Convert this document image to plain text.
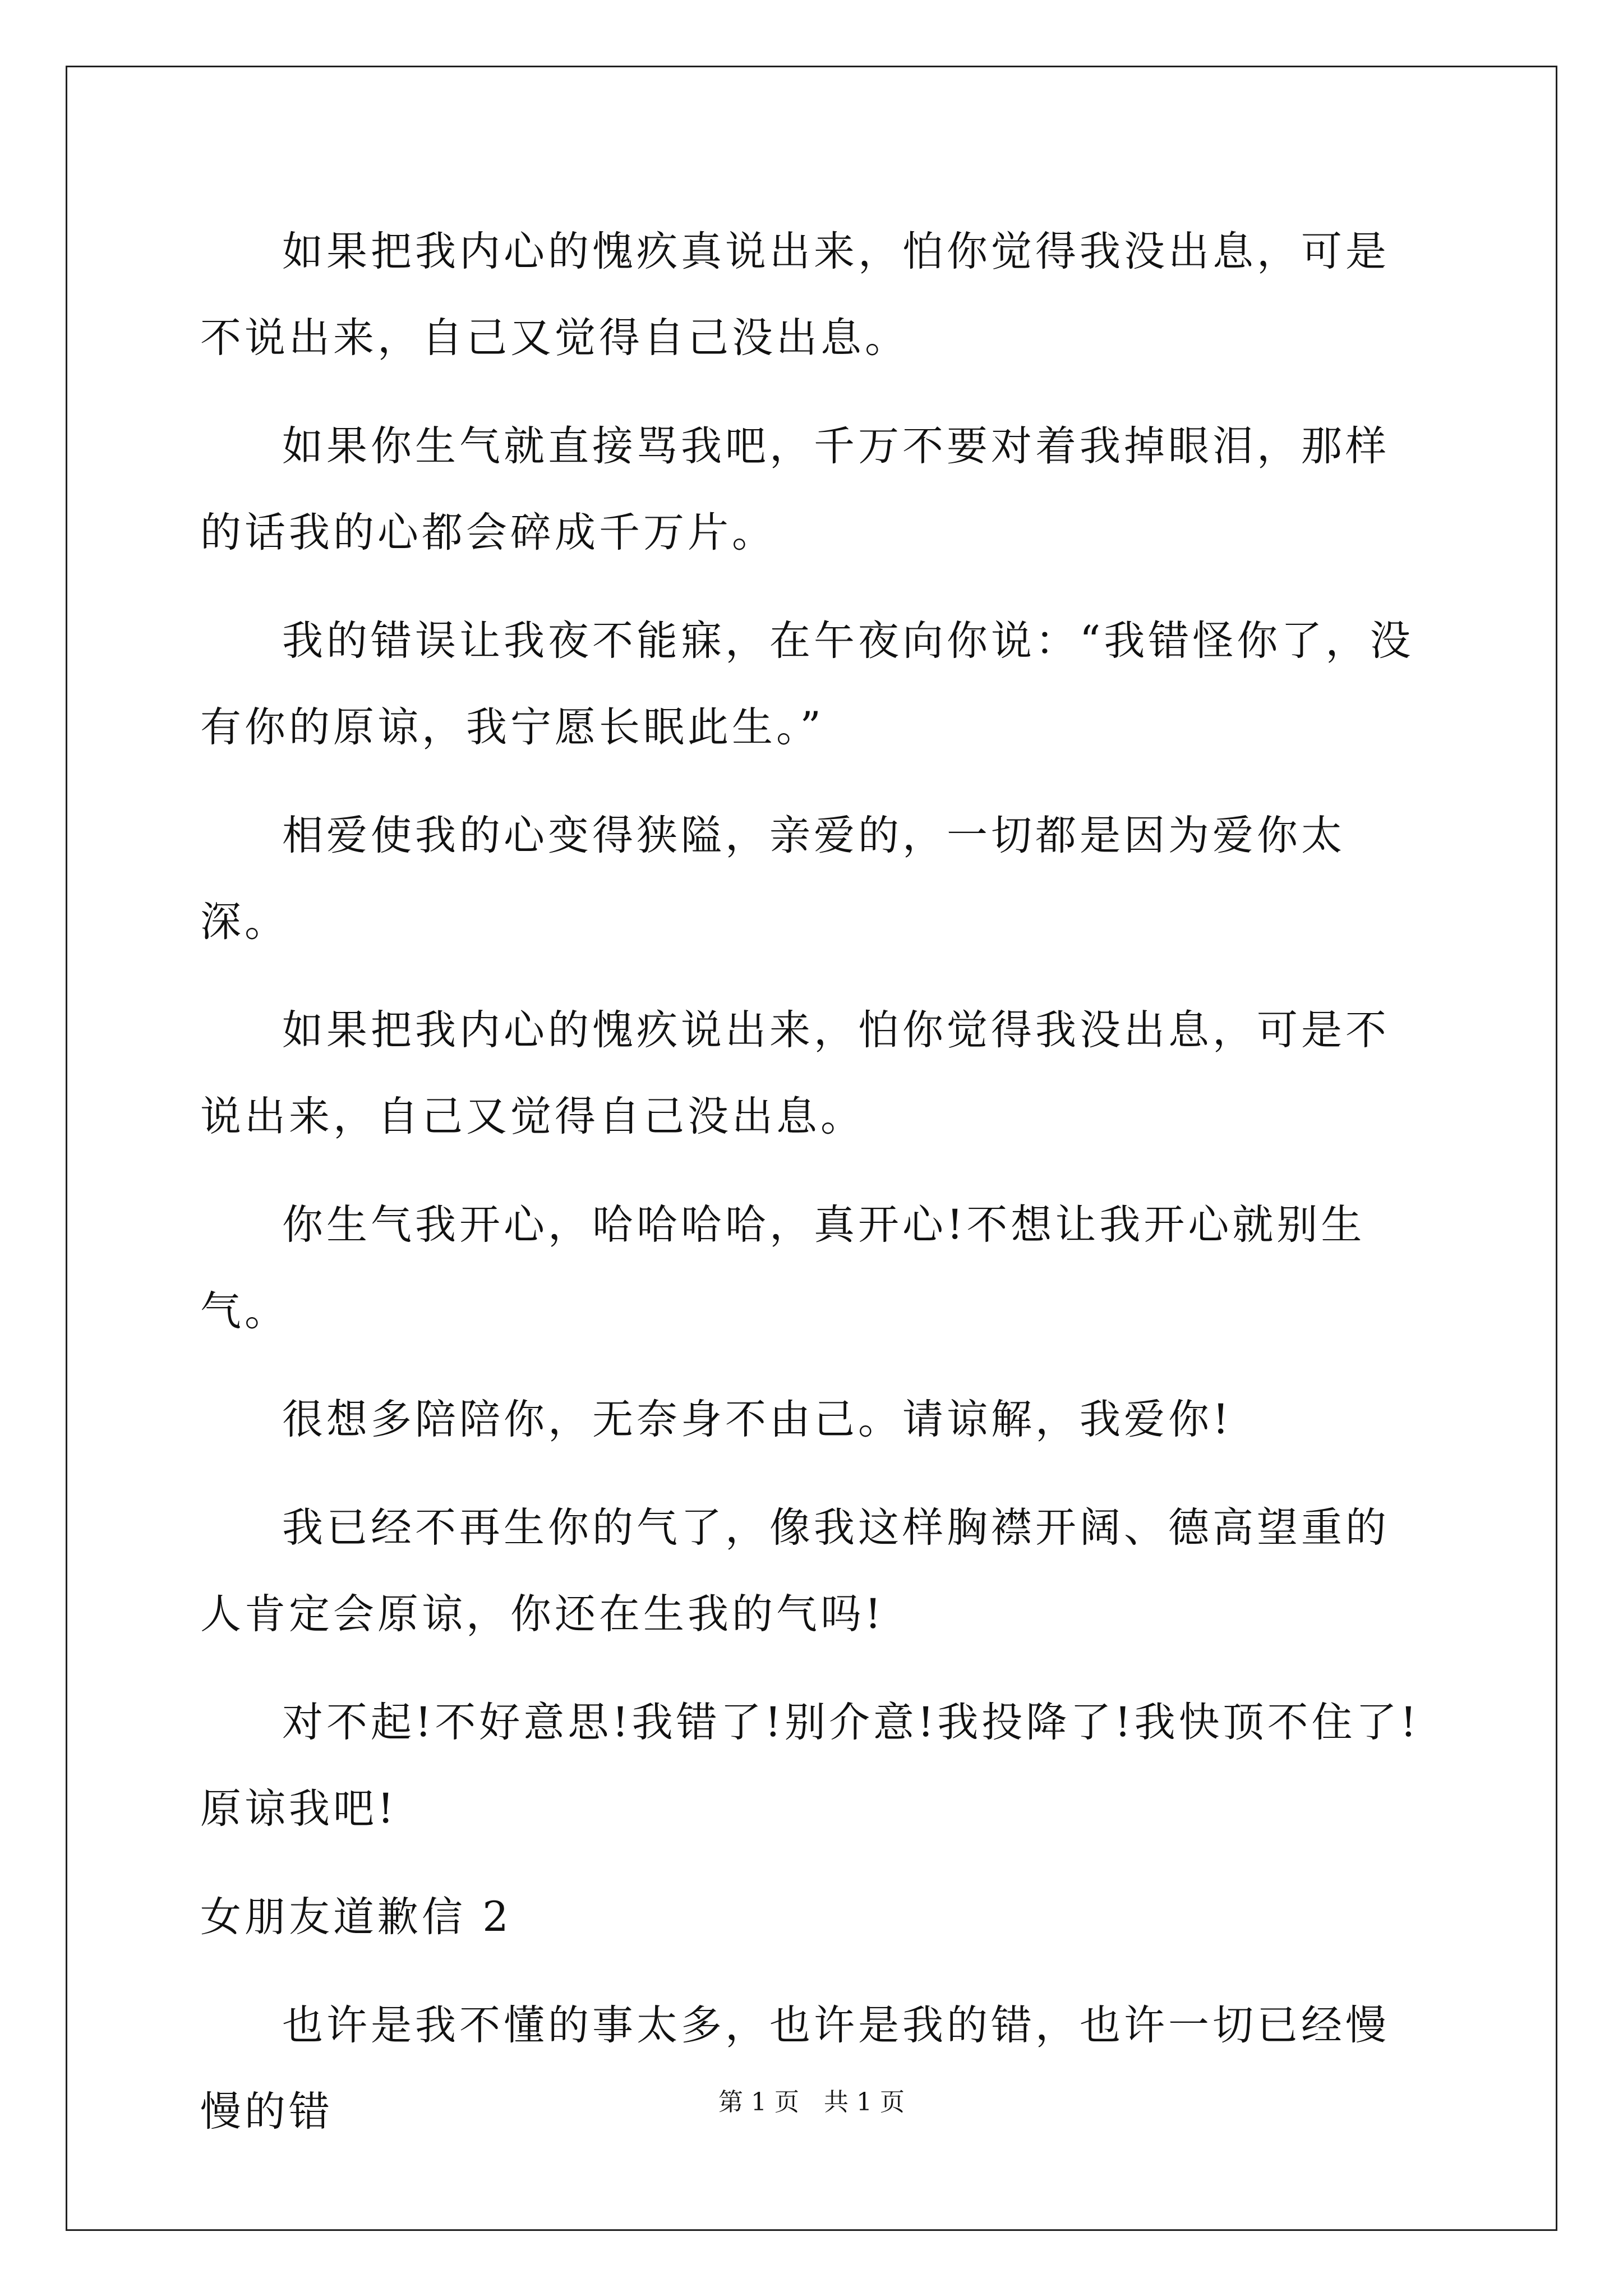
如果把我内心的愧疚真说出来，怕你觉得我没出息，可是不说出来，自己又觉得自己没出息。

如果你生气就直接骂我吧，千万不要对着我掉眼泪，那样的话我的心都会碎成千万片。

我的错误让我夜不能寐，在午夜向你说：“我错怪你了，没有你的原谅，我宁愿长眠此生。”

相爱使我的心变得狭隘，亲爱的，一切都是因为爱你太深。

如果把我内心的愧疚说出来，怕你觉得我没出息，可是不说出来，自己又觉得自己没出息。

你生气我开心，哈哈哈哈，真开心!不想让我开心就别生气。

很想多陪陪你，无奈身不由己。请谅解，我爱你!

我已经不再生你的气了，像我这样胸襟开阔、德高望重的人肯定会原谅，你还在生我的气吗!

对不起!不好意思!我错了!别介意!我投降了!我快顶不住了!原谅我吧!

女朋友道歉信 2

也许是我不懂的事太多，也许是我的错，也许一切已经慢慢的错	第 1 页　共 1 页
